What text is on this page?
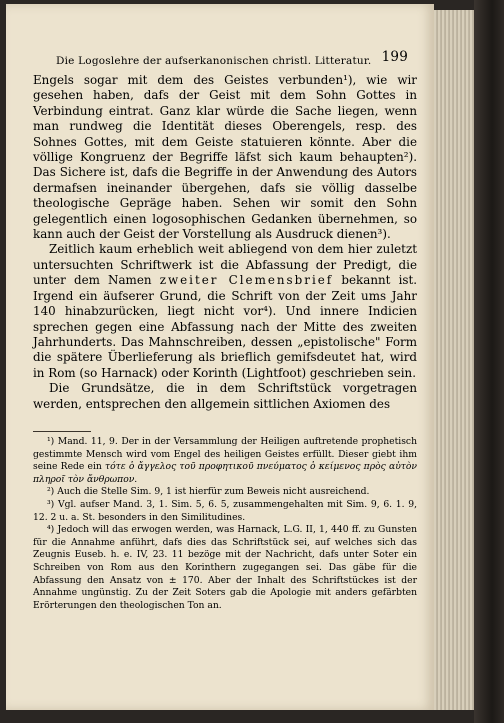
Die Logoslehre der aufserkanonischen christl. Litteratur. 199

Engels sogar mit dem des Geistes verbunden¹), wie wir gesehen haben, dafs der Geist mit dem Sohn Gottes in Verbindung eintrat. Ganz klar würde die Sache liegen, wenn man rundweg die Identität dieses Oberengels, resp. des Sohnes Gottes, mit dem Geiste statuieren könnte. Aber die völlige Kongruenz der Begriffe läfst sich kaum behaupten²). Das Sichere ist, dafs die Begriffe in der Anwendung des Autors dermafsen ineinander übergehen, dafs sie völlig dasselbe theologische Gepräge haben. Sehen wir somit den Sohn gelegentlich einen logosophischen Gedanken übernehmen, so kann auch der Geist der Vorstellung als Ausdruck dienen³).

Zeitlich kaum erheblich weit abliegend von dem hier zuletzt untersuchten Schriftwerk ist die Abfassung der Predigt, die unter dem Namen zweiter Clemensbrief bekannt ist. Irgend ein äufserer Grund, die Schrift von der Zeit ums Jahr 140 hinabzurücken, liegt nicht vor⁴). Und innere Indicien sprechen gegen eine Abfassung nach der Mitte des zweiten Jahrhunderts. Das Mahnschreiben, dessen „epistolische" Form die spätere Überlieferung als brieflich gemifsdeutet hat, wird in Rom (so Harnack) oder Korinth (Lightfoot) geschrieben sein.

Die Grundsätze, die in dem Schriftstück vorgetragen werden, entsprechen den allgemein sittlichen Axiomen des

¹) Mand. 11, 9. Der in der Versammlung der Heiligen auftretende prophetisch gestimmte Mensch wird vom Engel des heiligen Geistes erfüllt. Dieser giebt ihm seine Rede ein τότε ὁ ἄγγελος τοῦ προφητικοῦ πνεύματος ὁ κείμενος πρὸς αὐτὸν πληροῖ τὸν ἄνθρωπον.

²) Auch die Stelle Sim. 9, 1 ist hierfür zum Beweis nicht ausreichend.

³) Vgl. aufser Mand. 3, 1. Sim. 5, 6. 5, zusammengehalten mit Sim. 9, 6. 1. 9, 12. 2 u. a. St. besonders in den Similitudines.

⁴) Jedoch will das erwogen werden, was Harnack, L.G. II, 1, 440 ff. zu Gunsten für die Annahme anführt, dafs dies das Schriftstück sei, auf welches sich das Zeugnis Euseb. h. e. IV, 23. 11 bezöge mit der Nachricht, dafs unter Soter ein Schreiben von Rom aus den Korinthern zugegangen sei. Das gäbe für die Abfassung den Ansatz von ± 170. Aber der Inhalt des Schriftstückes ist der Annahme ungünstig. Zu der Zeit Soters gab die Apologie mit anders gefärbten Erörterungen den theologischen Ton an.
